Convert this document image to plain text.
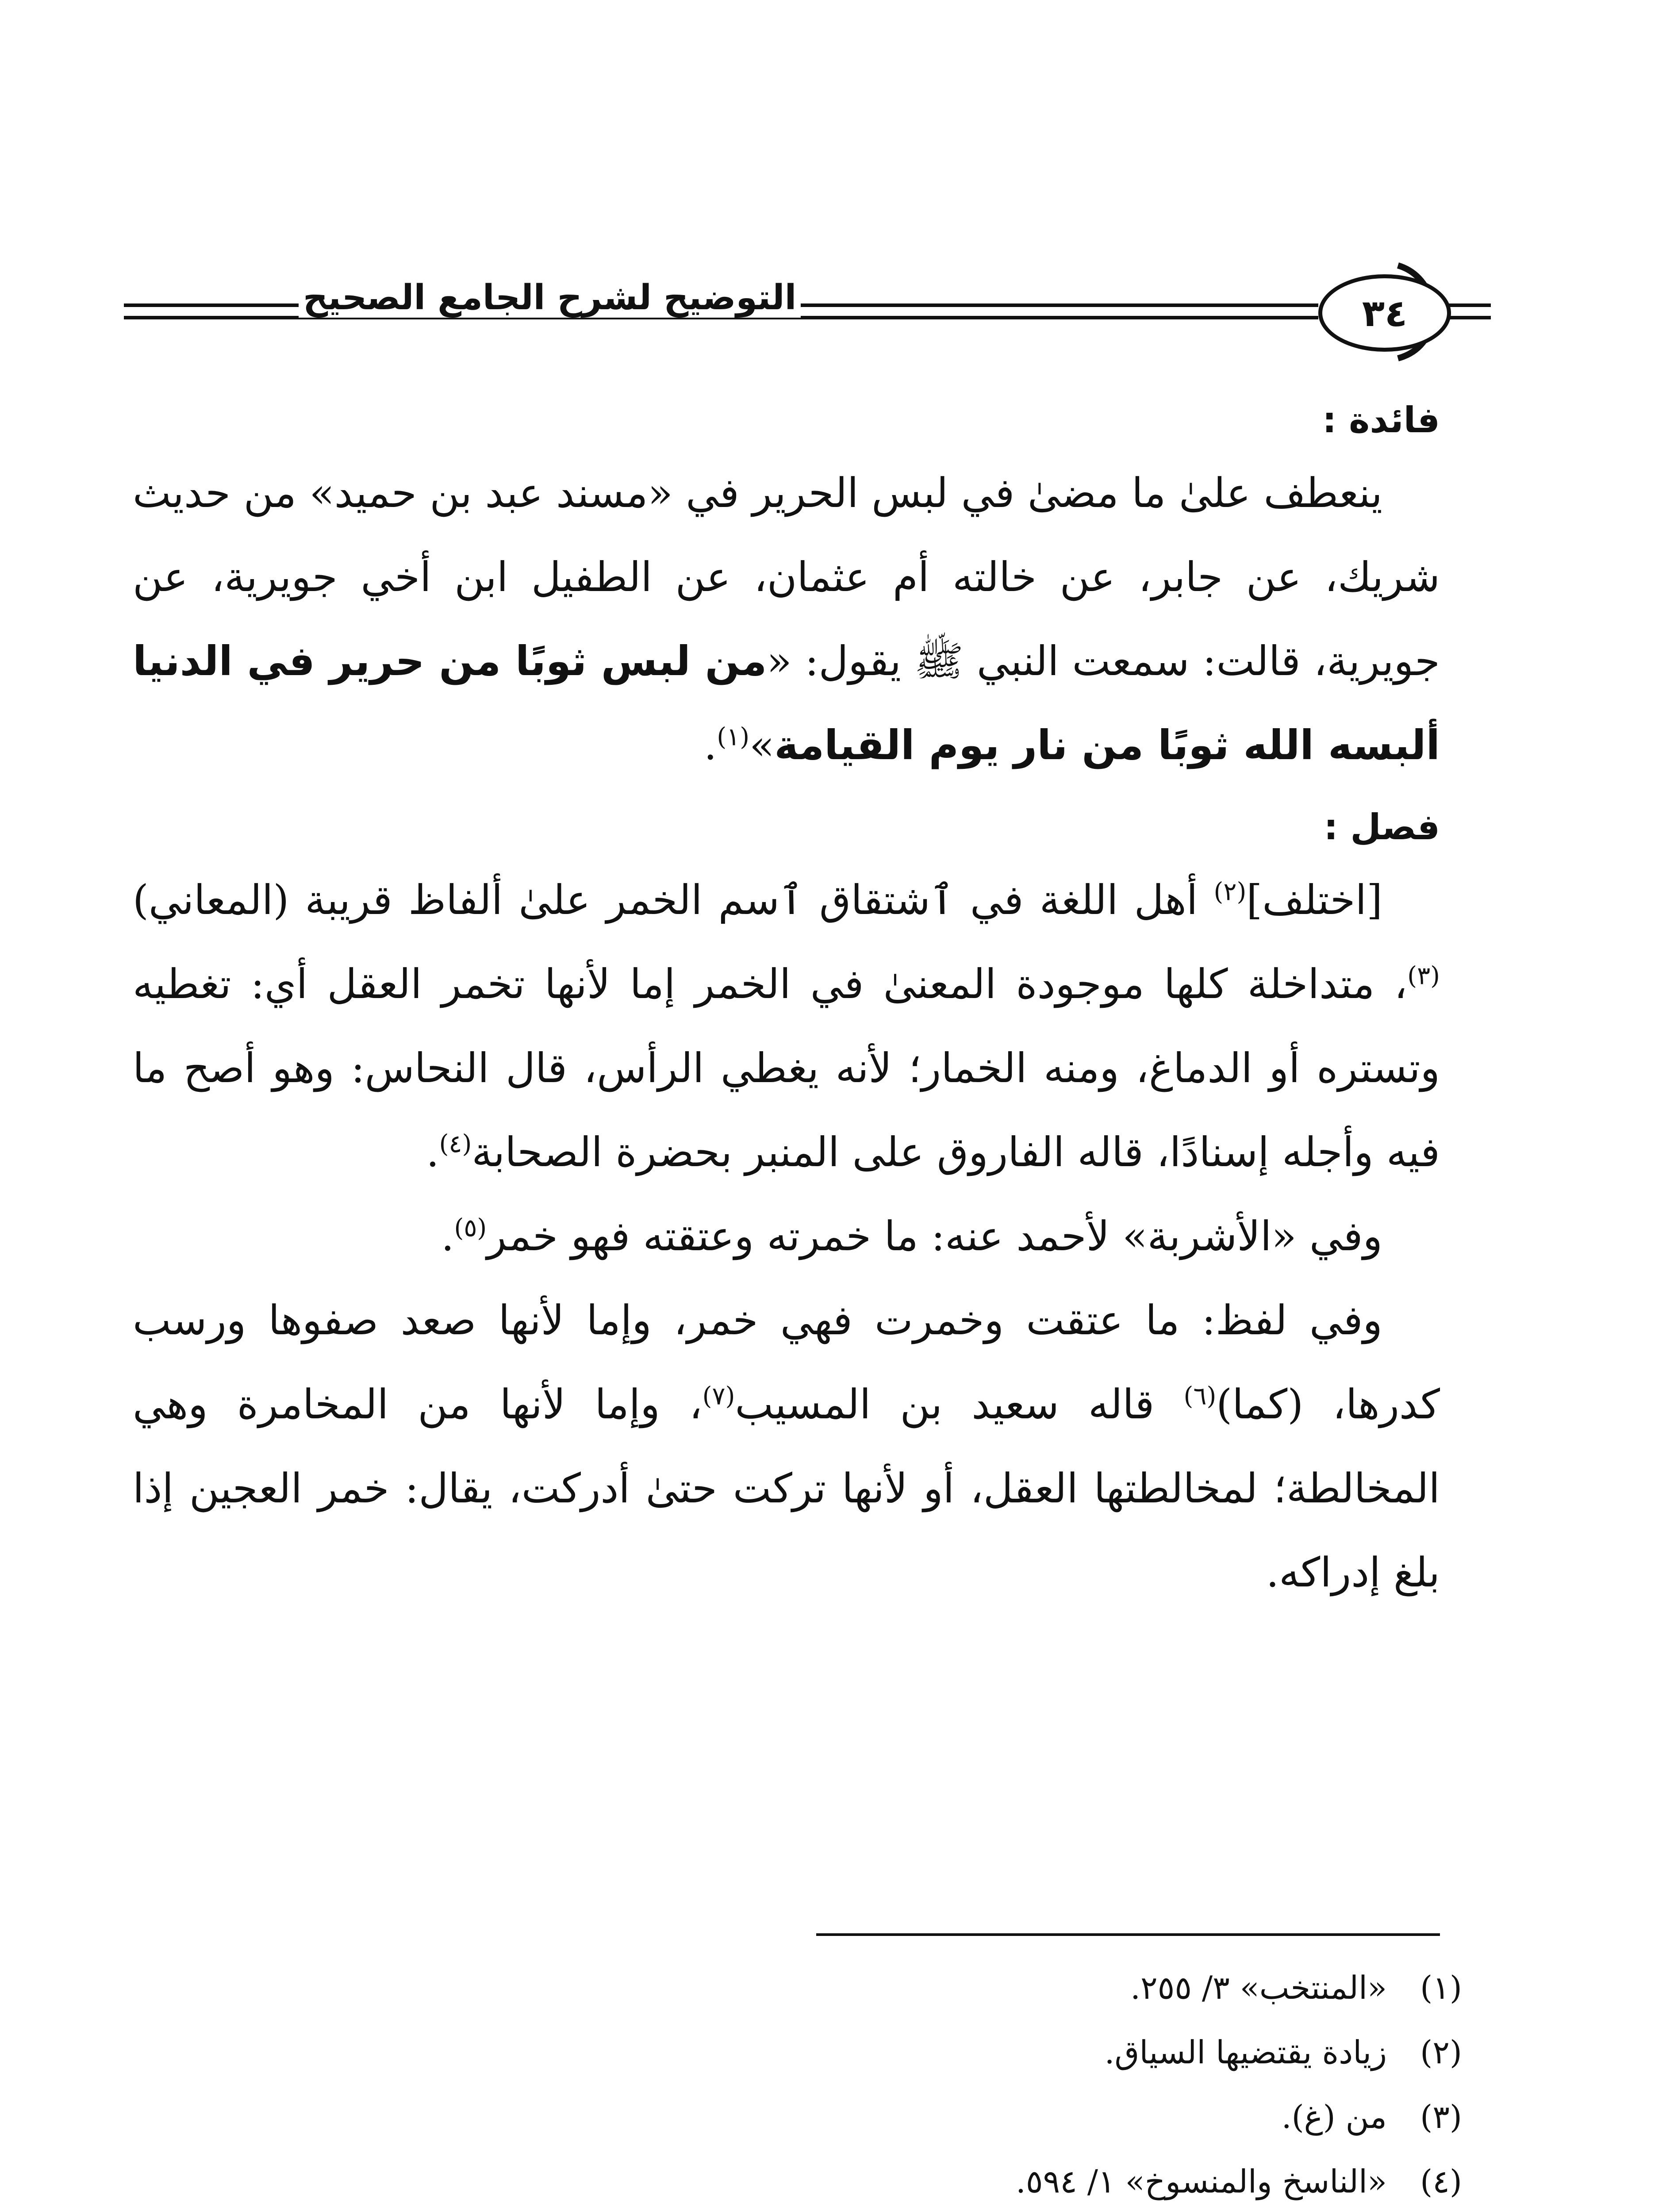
التوضيح لشرح الجامع الصحيح	٣٤

فائدة :

ينعطف علىٰ ما مضىٰ في لبس الحرير في «مسند عبد بن حميد» من حديث شريك، عن جابر، عن خالته أم عثمان، عن الطفيل ابن أخي جويرية، عن جويرية، قالت: سمعت النبي ﷺ يقول: «من لبس ثوبًا من حرير في الدنيا ألبسه الله ثوبًا من نار يوم القيامة»$^{(١)}$.

فصل :

[اختلف]$^{(٢)}$ أهل اللغة في ٱشتقاق ٱسم الخمر علىٰ ألفاظ قريبة (المعاني)$^{(٣)}$، متداخلة كلها موجودة المعنىٰ في الخمر إما لأنها تخمر العقل أي: تغطيه وتستره أو الدماغ، ومنه الخمار؛ لأنه يغطي الرأس، قال النحاس: وهو أصح ما فيه وأجله إسنادًا، قاله الفاروق على المنبر بحضرة الصحابة$^{(٤)}$.

وفي «الأشربة» لأحمد عنه: ما خمرته وعتقته فهو خمر$^{(٥)}$.

وفي لفظ: ما عتقت وخمرت فهي خمر، وإما لأنها صعد صفوها ورسب كدرها، (كما)$^{(٦)}$ قاله سعيد بن المسيب$^{(٧)}$، وإما لأنها من المخامرة وهي المخالطة؛ لمخالطتها العقل، أو لأنها تركت حتىٰ أدركت، يقال: خمر العجين إذا بلغ إدراكه.

(١)«المنتخب» ٣/ ٢٥٥.
(٢)زيادة يقتضيها السياق.
(٣)من (غ).
(٤)«الناسخ والمنسوخ» ١/ ٥٩٤.
